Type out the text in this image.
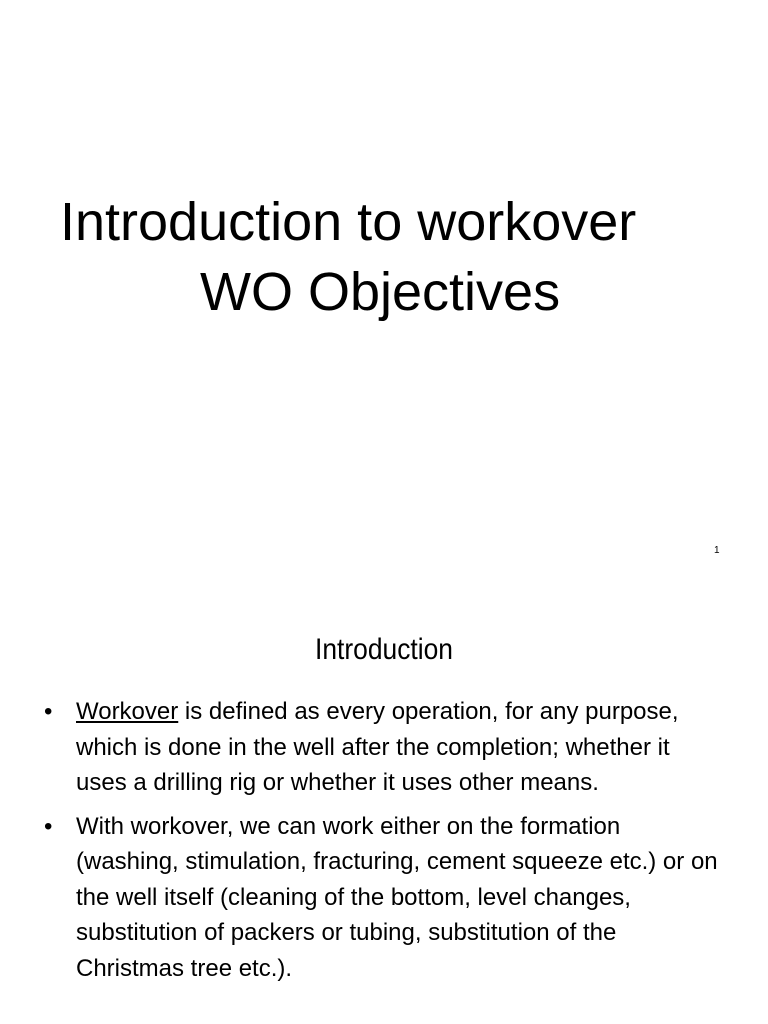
Introduction to workover
WO Objectives
1
Introduction
• Workover is defined as every operation, for any purpose, which is done in the well after the completion; whether it uses a drilling rig or whether it uses other means.
• With workover, we can work either on the formation (washing, stimulation, fracturing, cement squeeze etc.) or on the well itself (cleaning of the bottom, level changes, substitution of packers or tubing, substitution of the Christmas tree etc.).
